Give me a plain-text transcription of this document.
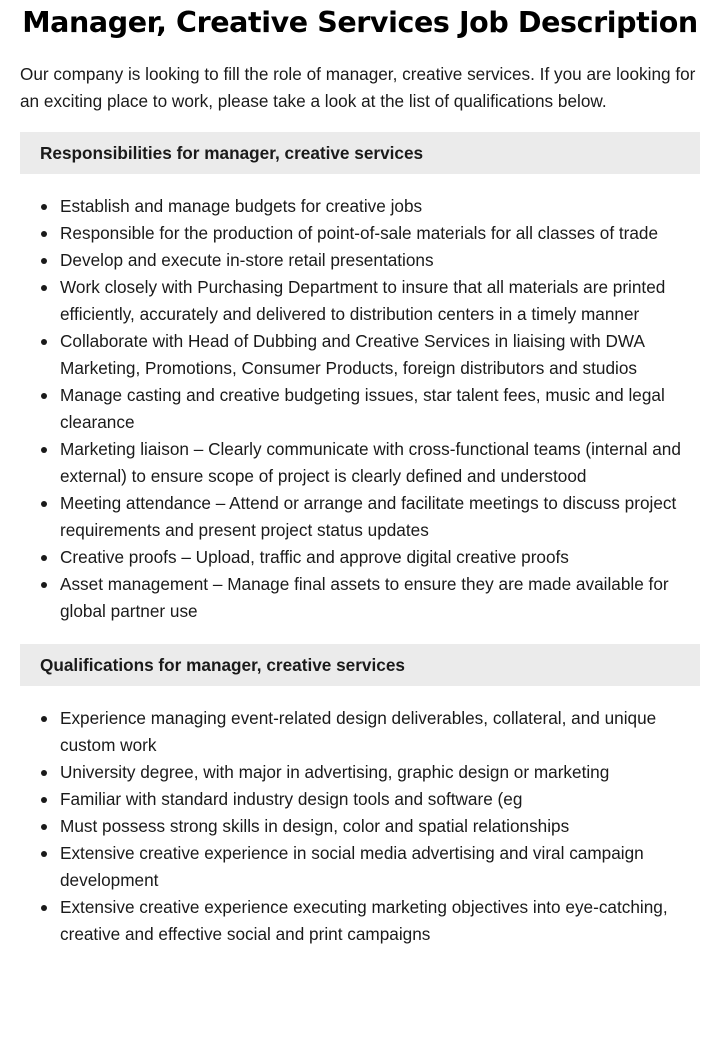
Manager, Creative Services Job Description

Our company is looking to fill the role of manager, creative services. If you are looking for an exciting place to work, please take a look at the list of qualifications below.

Responsibilities for manager, creative services
Establish and manage budgets for creative jobs
Responsible for the production of point-of-sale materials for all classes of trade
Develop and execute in-store retail presentations
Work closely with Purchasing Department to insure that all materials are printed efficiently, accurately and delivered to distribution centers in a timely manner
Collaborate with Head of Dubbing and Creative Services in liaising with DWA Marketing, Promotions, Consumer Products, foreign distributors and studios
Manage casting and creative budgeting issues, star talent fees, music and legal clearance
Marketing liaison – Clearly communicate with cross-functional teams (internal and external) to ensure scope of project is clearly defined and understood
Meeting attendance – Attend or arrange and facilitate meetings to discuss project requirements and present project status updates
Creative proofs – Upload, traffic and approve digital creative proofs
Asset management – Manage final assets to ensure they are made available for global partner use
Qualifications for manager, creative services
Experience managing event-related design deliverables, collateral, and unique custom work
University degree, with major in advertising, graphic design or marketing
Familiar with standard industry design tools and software (eg
Must possess strong skills in design, color and spatial relationships
Extensive creative experience in social media advertising and viral campaign development
Extensive creative experience executing marketing objectives into eye-catching, creative and effective social and print campaigns
